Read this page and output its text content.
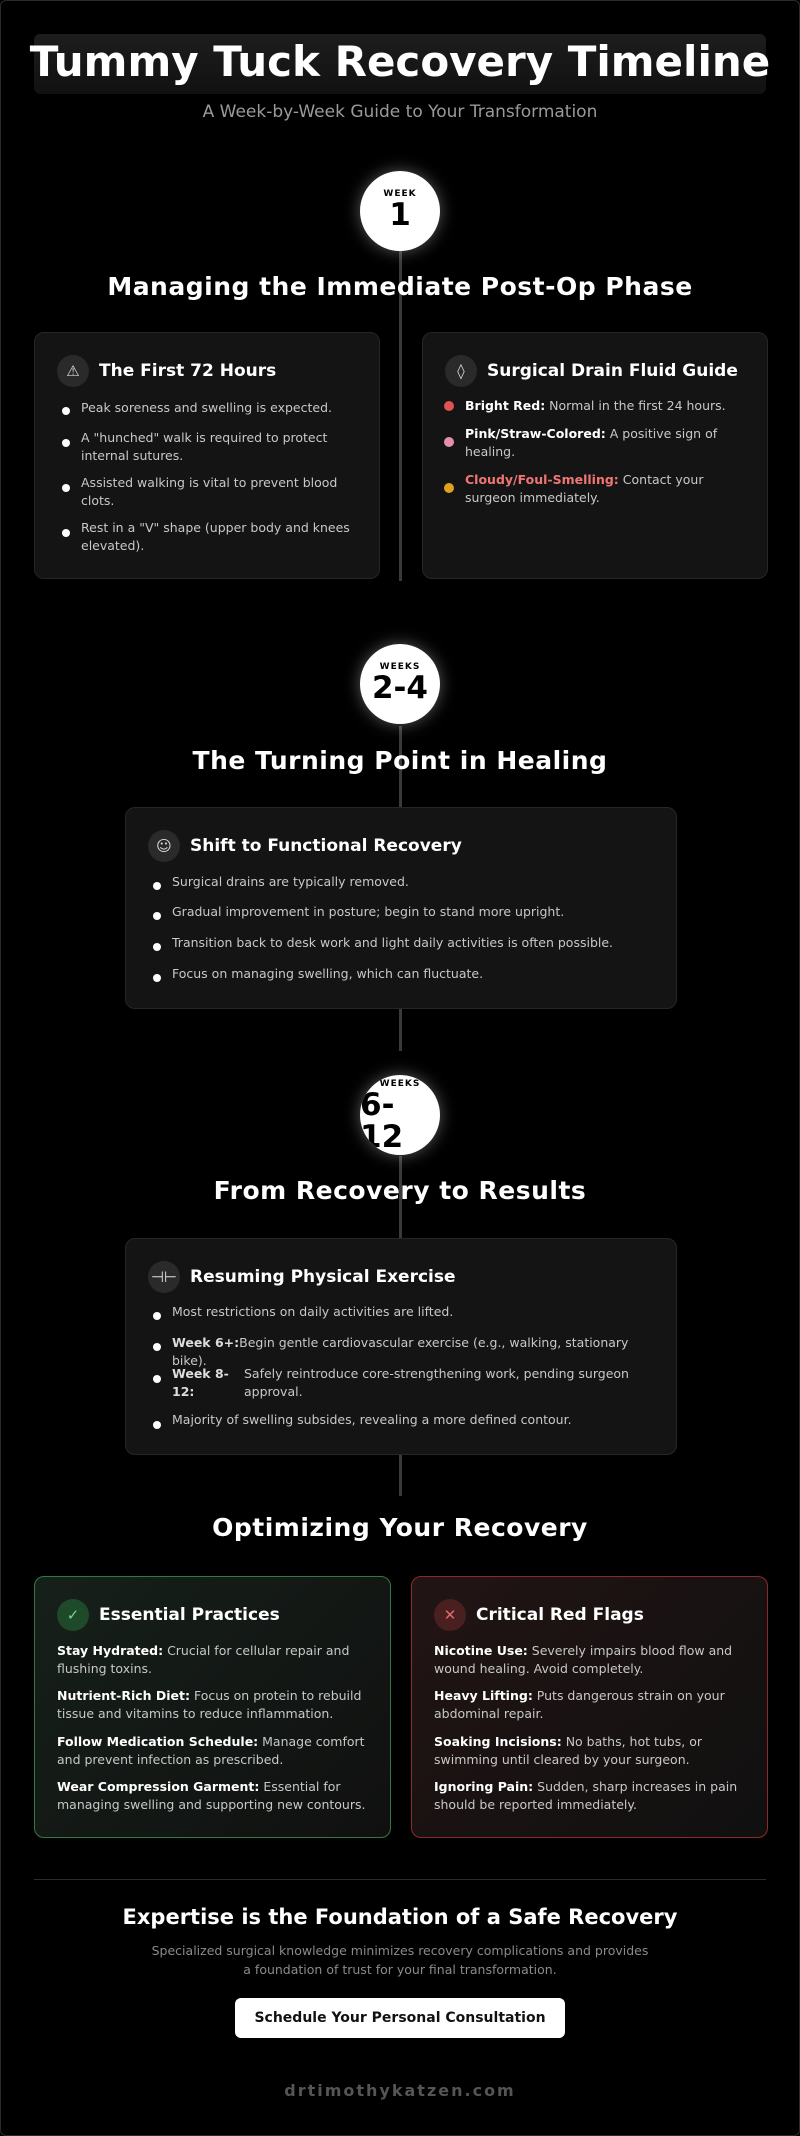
Tummy Tuck Recovery Timeline
A Week-by-Week Guide to Your Transformation
WEEK
1
Managing the Immediate Post-Op Phase
⚠	The First 72 Hours
Peak soreness and swelling is expected.
A "hunched" walk is required to protect internal sutures.
Assisted walking is vital to prevent blood clots.
Rest in a "V" shape (upper body and knees elevated).
◊	Surgical Drain Fluid Guide
Bright Red: Normal in the first 24 hours.
Pink/Straw-Colored: A positive sign of healing.
Cloudy/Foul-Smelling: Contact your surgeon immediately.
WEEKS
2-4
The Turning Point in Healing
☺	Shift to Functional Recovery
Surgical drains are typically removed.
Gradual improvement in posture; begin to stand more upright.
Transition back to desk work and light daily activities is often possible.
Focus on managing swelling, which can fluctuate.
WEEKS
6-12
From Recovery to Results
⊣⊢ Resuming Physical Exercise
Most restrictions on daily activities are lifted.
Week 6+:Begin gentle cardiovascular exercise (e.g., walking, stationary bike).
Week 8-12:
Safely reintroduce core-strengthening work, pending surgeon approval.
Majority of swelling subsides, revealing a more defined contour.
Optimizing Your Recovery
✓	Essential Practices
Stay Hydrated: Crucial for cellular repair and flushing toxins.
Nutrient-Rich Diet: Focus on protein to rebuild tissue and vitamins to reduce inflammation.
Follow Medication Schedule: Manage comfort and prevent infection as prescribed.
Wear Compression Garment: Essential for managing swelling and supporting new contours.
✕	Critical Red Flags
Nicotine Use: Severely impairs blood flow and wound healing. Avoid completely.
Heavy Lifting: Puts dangerous strain on your abdominal repair.
Soaking Incisions: No baths, hot tubs, or swimming until cleared by your surgeon.
Ignoring Pain: Sudden, sharp increases in pain should be reported immediately.
Expertise is the Foundation of a Safe Recovery
Specialized surgical knowledge minimizes recovery complications and provides a foundation of trust for your final transformation.
Schedule Your Personal Consultation
drtimothykatzen.com
